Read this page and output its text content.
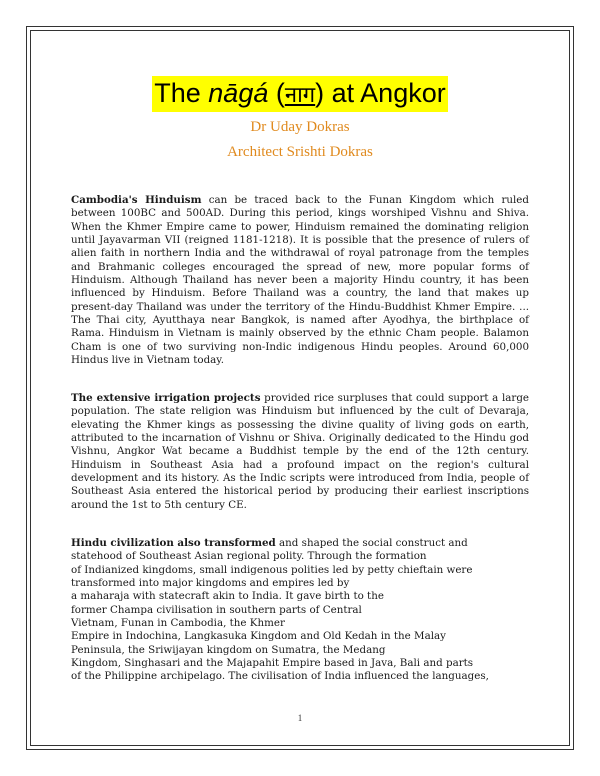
The nāgá (नाग) at Angkor
Dr Uday Dokras
Architect Srishti Dokras

Cambodia's Hinduism can be traced back to the Funan Kingdom which ruled between 100BC and 500AD. During this period, kings worshiped Vishnu and Shiva. When the Khmer Empire came to power, Hinduism remained the dominating religion until Jayavarman VII (reigned 1181-1218). It is possible that the presence of rulers of alien faith in northern India and the withdrawal of royal patronage from the temples and Brahmanic colleges encouraged the spread of new, more popular forms of Hinduism. Although Thailand has never been a majority Hindu country, it has been influenced by Hinduism. Before Thailand was a country, the land that makes up present-day Thailand was under the territory of the Hindu-Buddhist Khmer Empire. ... The Thai city, Ayutthaya near Bangkok, is named after Ayodhya, the birthplace of Rama. Hinduism in Vietnam is mainly observed by the ethnic Cham people. Balamon Cham is one of two surviving non-Indic indigenous Hindu peoples. Around 60,000 Hindus live in Vietnam today.

The extensive irrigation projects provided rice surpluses that could support a large population. The state religion was Hinduism but influenced by the cult of Devaraja, elevating the Khmer kings as possessing the divine quality of living gods on earth, attributed to the incarnation of Vishnu or Shiva. Originally dedicated to the Hindu god Vishnu, Angkor Wat became a Buddhist temple by the end of the 12th century. Hinduism in Southeast Asia had a profound impact on the region's cultural development and its history. As the Indic scripts were introduced from India, people of Southeast Asia entered the historical period by producing their earliest inscriptions around the 1st to 5th century CE.

Hindu civilization also transformed and shaped the social construct and
statehood of Southeast Asian regional polity. Through the formation
of Indianized kingdoms, small indigenous polities led by petty chieftain were
transformed into major kingdoms and empires led by
a maharaja with statecraft akin to India. It gave birth to the
former Champa civilisation in southern parts of Central
Vietnam, Funan in Cambodia, the Khmer
Empire in Indochina, Langkasuka Kingdom and Old Kedah in the Malay
Peninsula, the Sriwijayan kingdom on Sumatra, the Medang
Kingdom, Singhasari and the Majapahit Empire based in Java, Bali and parts
of the Philippine archipelago. The civilisation of India influenced the languages,

1
